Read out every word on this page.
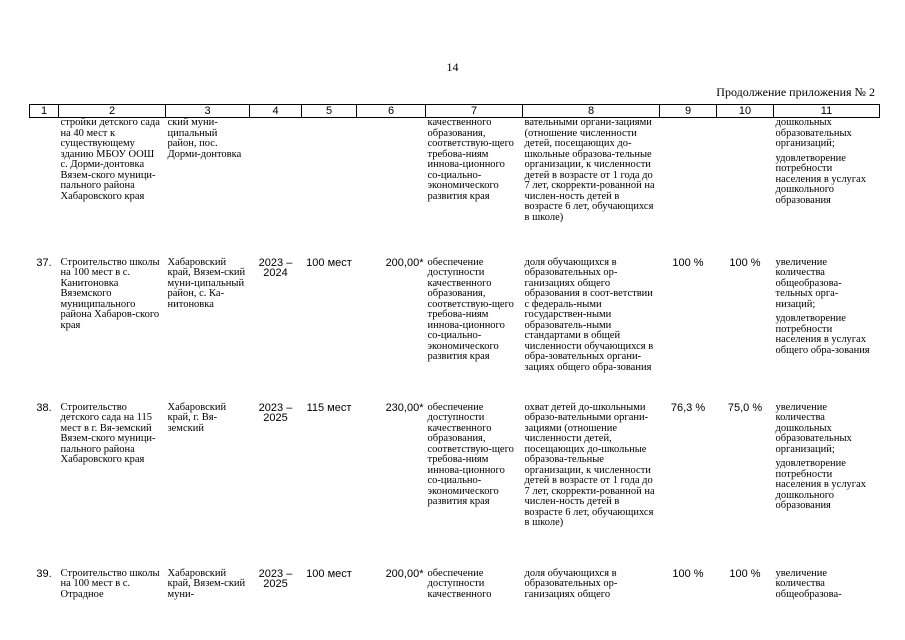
14
Продолжение приложения № 2
1	2	3	4	5	6	7	8	9	10	11
	стройки детского сада на 40 мест к существующему зданию МБОУ ООШ с. Дорми-донтовка Вязем-ского муници-пального района Хабаровского края	ский муни-ципальный район, пос. Дорми-донтовка				качественного образования, соответствую-щего требова-ниям иннова-ционного со-циально-экономического развития края	вательными органи-зациями (отношение численности детей, посещающих до-школьные образова-тельные организации, к численности детей в возрасте от 1 года до 7 лет, скорректи-рованной на числен-ность детей в возрасте 6 лет, обучающихся в школе)			дошкольных образовательных организаций;
удовлетворение потребности населения в услугах дошкольного образования

37.	Строительство школы на 100 мест в с. Канитоновка Вяземского муниципального района Хабаров-ского края	Хабаровский край, Вязем-ский муни-ципальный район, с. Ка-нитоновка	2023 – 2024	100 мест	200,00*	обеспечение доступности качественного образования, соответствую-щего требова-ниям иннова-ционного со-циально-экономического развития края	доля обучающихся в образовательных ор-ганизациях общего образования в соот-ветствии с федераль-ными государствен-ными образователь-ными стандартами в общей численности обучающихся в обра-зовательных органи-зациях общего обра-зования	100 %	100 %	увеличение количества общеобразова-тельных орга-низаций;
удовлетворение потребности населения в услугах общего обра-зования

38.	Строительство детского сада на 115 мест в г. Вя-земский Вязем-ского муници-пального района Хабаровского края	Хабаровский край, г. Вя-земский	2023 – 2025	115 мест	230,00*	обеспечение доступности качественного образования, соответствую-щего требова-ниям иннова-ционного со-циально-экономического развития края	охват детей до-школьными образо-вательными органи-зациями (отношение численности детей, посещающих до-школьные образова-тельные организации, к численности детей в возрасте от 1 года до 7 лет, скорректи-рованной на числен-ность детей в возрасте 6 лет, обучающихся в школе)	76,3 %	75,0 %	увеличение количества дошкольных образовательных организаций;
удовлетворение потребности населения в услугах дошкольного образования

39.	Строительство школы на 100 мест в с. Отрадное	Хабаровский край, Вязем-ский муни-	2023 – 2025	100 мест	200,00*	обеспечение доступности качественного	доля обучающихся в образовательных ор-ганизациях общего	100 %	100 %	увеличение количества общеобразова-
